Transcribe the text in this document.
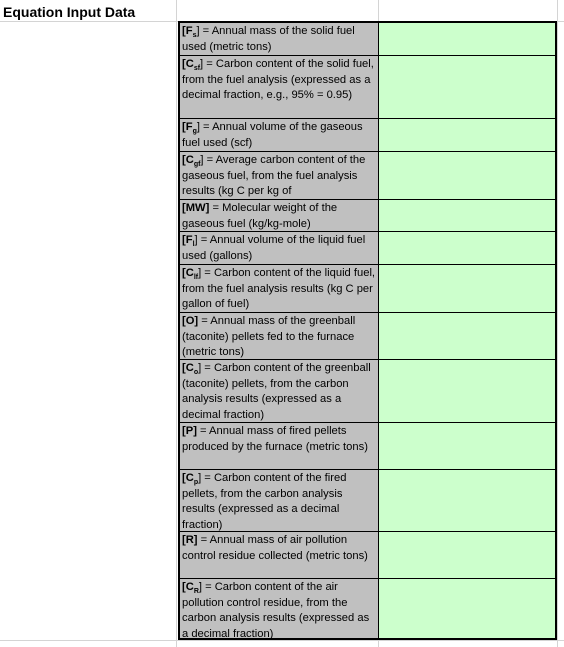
Equation Input Data
$[F_s]$ = Annual mass of the solid fuel used (metric tons)
$[C_{sf}]$ = Carbon content of the solid fuel, from the fuel analysis (expressed as a decimal fraction, e.g., 95% = 0.95)
$[F_g]$ = Annual volume of the gaseous fuel used (scf)
$[C_{gf}]$ = Average carbon content of the gaseous fuel, from the fuel analysis results (kg C per kg of
[MW] = Molecular weight of the gaseous fuel (kg/kg-mole)
$[F_l]$ = Annual volume of the liquid fuel used (gallons)
$[C_{lf}]$ = Carbon content of the liquid fuel, from the fuel analysis results (kg C per gallon of fuel)
[O] = Annual mass of the greenball (taconite) pellets fed to the furnace (metric tons)
$[C_o]$ = Carbon content of the greenball (taconite) pellets, from the carbon analysis results (expressed as a decimal fraction)
[P] = Annual mass of fired pellets produced by the furnace (metric tons)
$[C_p]$ = Carbon content of the fired pellets, from the carbon analysis results (expressed as a decimal fraction)
[R] = Annual mass of air pollution control residue collected (metric tons)
$[C_R]$ = Carbon content of the air pollution control residue, from the carbon analysis results (expressed as a decimal fraction)
